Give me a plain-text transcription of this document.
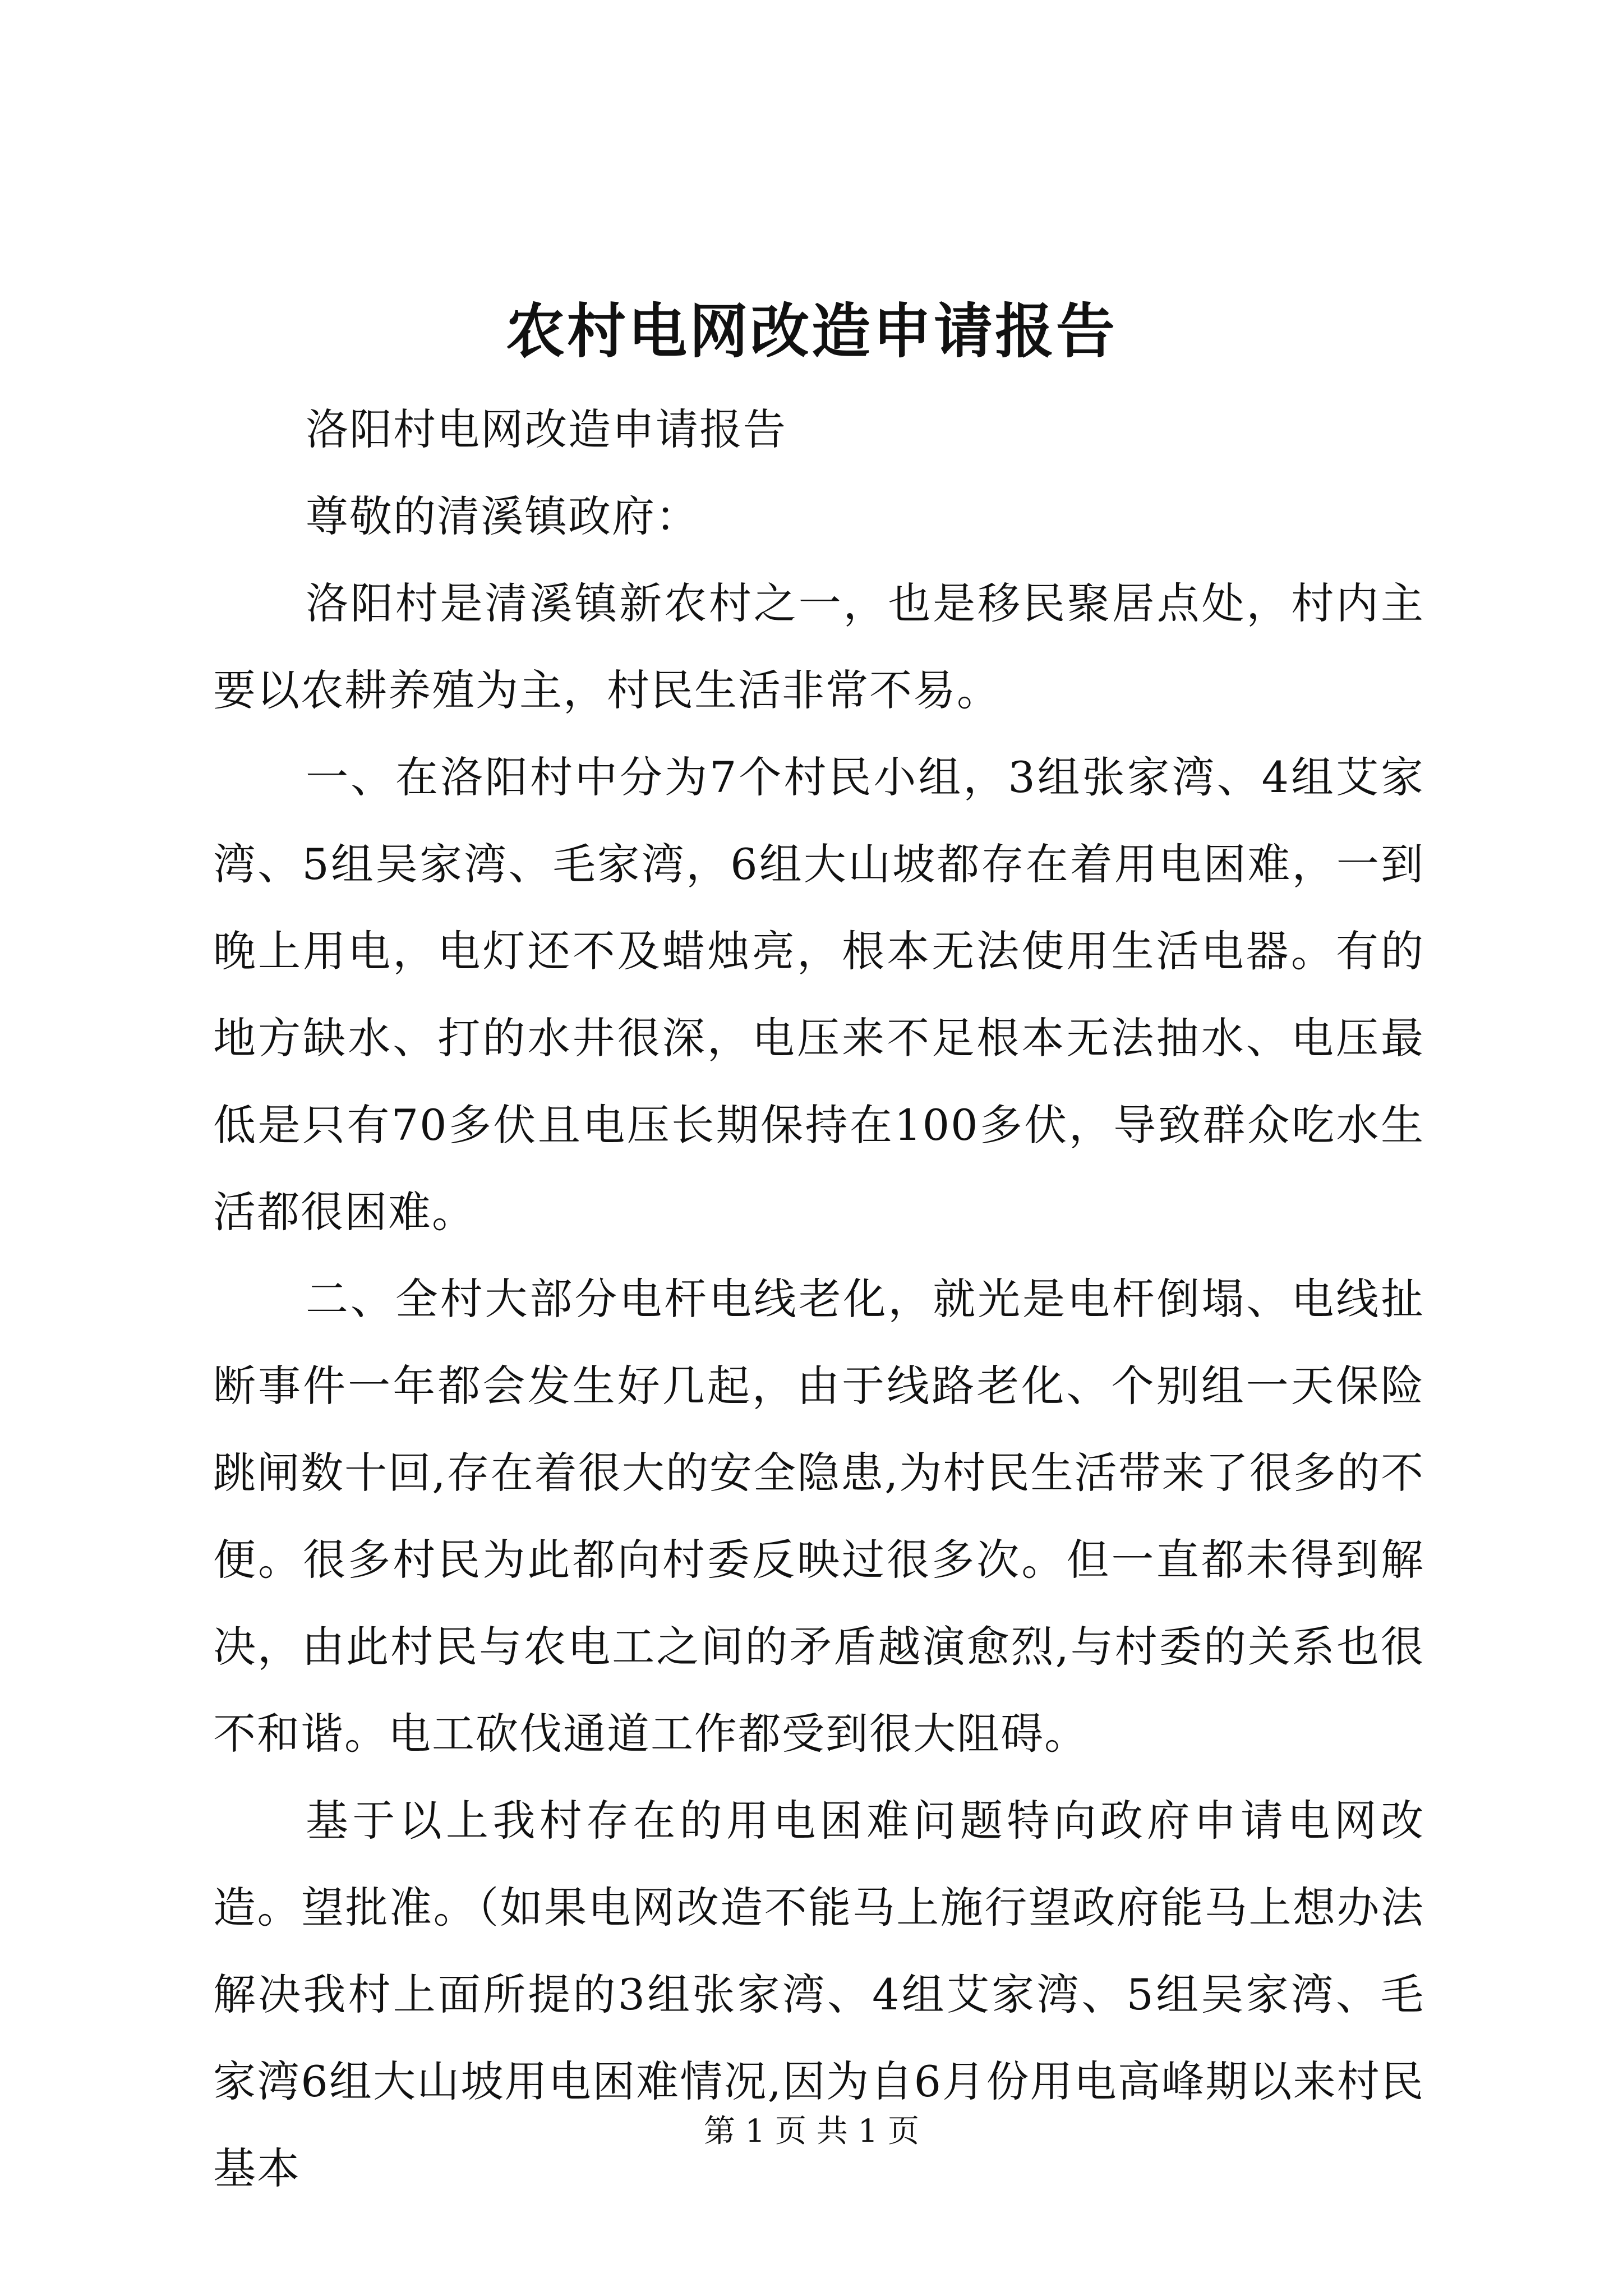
农村电网改造申请报告

洛阳村电网改造申请报告

尊敬的清溪镇政府：

洛阳村是清溪镇新农村之一，也是移民聚居点处，村内主要以农耕养殖为主，村民生活非常不易。

一、在洛阳村中分为7个村民小组，3组张家湾、4组艾家湾、5组吴家湾、毛家湾，6组大山坡都存在着用电困难，一到晚上用电，电灯还不及蜡烛亮，根本无法使用生活电器。有的地方缺水、打的水井很深，电压来不足根本无法抽水、电压最低是只有70多伏且电压长期保持在100多伏，导致群众吃水生活都很困难。

二、全村大部分电杆电线老化，就光是电杆倒塌、电线扯断事件一年都会发生好几起，由于线路老化、个别组一天保险跳闸数十回,存在着很大的安全隐患,为村民生活带来了很多的不便。很多村民为此都向村委反映过很多次。但一直都未得到解决，由此村民与农电工之间的矛盾越演愈烈,与村委的关系也很不和谐。电工砍伐通道工作都受到很大阻碍。

基于以上我村存在的用电困难问题特向政府申请电网改造。望批准。（如果电网改造不能马上施行望政府能马上想办法解决我村上面所提的3组张家湾、4组艾家湾、5组吴家湾、毛家湾6组大山坡用电困难情况,因为自6月份用电高峰期以来村民基本

第 1 页 共 1 页
